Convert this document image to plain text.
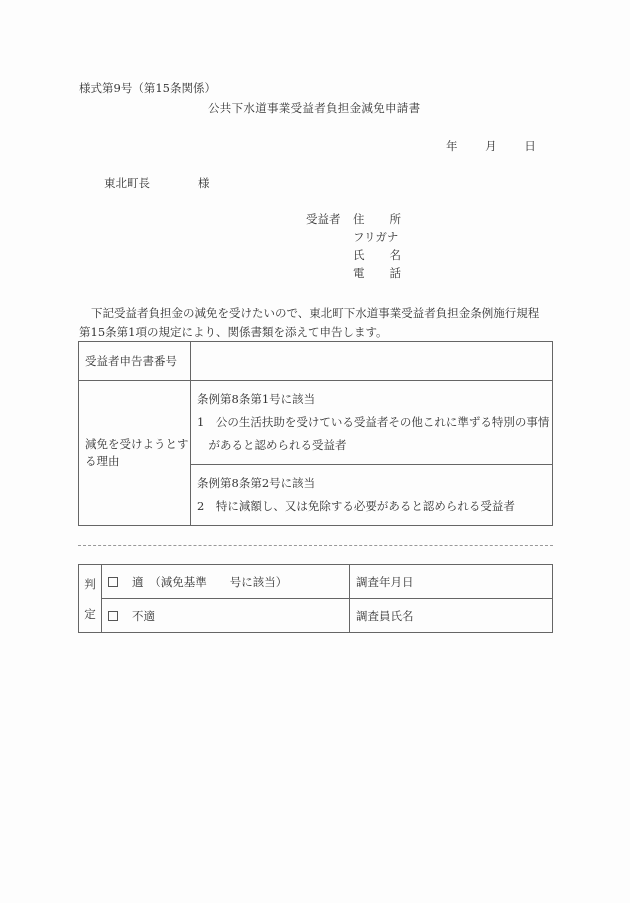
様式第9号（第15条関係）
公共下水道事業受益者負担金減免申請書
年 月 日
東北町長	様
受益者 住 所
フリガナ
氏 名
電 話

下記受益者負担金の減免を受けたいので、東北町下水道事業受益者負担金条例施行規程

第15条第1項の規定により、関係書類を添えて申告します。

受益者申告書番号	
減免を受けようとする理由	条例第8条第1号に該当
1　公の生活扶助を受けている受益者その他これに準ずる特別の事情
　があると認められる受益者

	条例第8条第2号に該当
2　特に減額し、又は免除する必要があると認められる受益者
判
定	適　（減免基準　　号に該当）	調査年月日
	不適	調査員氏名
